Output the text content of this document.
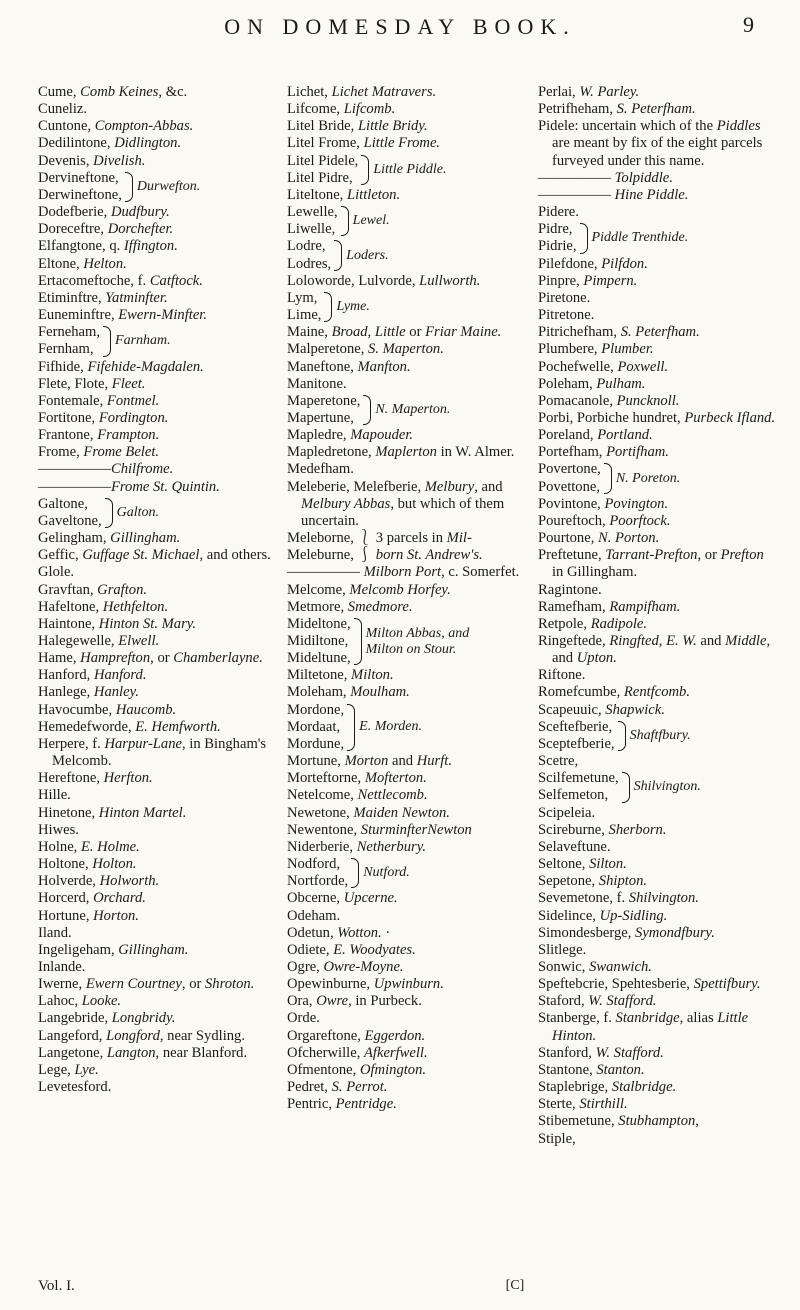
ON DOMESDAY BOOK.	9
Cume, Comb Keines, &c.
Cuneliz.
Cuntone, Compton-Abbas.
Dedilintone, Didlington.
Devenis, Divelish.
Dervineftone,
Derwineftone,
Durwefton.
Dodefberie, Dudfbury.
Doreceftre, Dorchefter.
Elfangtone, q. Iffington.
Eltone, Helton.
Ertacomeftoche, f. Catftock.
Etiminftre, Yatminfter.
Euneminftre, Ewern-Minfter.
Ferneham,
Fernham,
Farnham.
Fifhide, Fifehide-Magdalen.
Flete, Flote, Fleet.
Fontemale, Fontmel.
Fortitone, Fordington.
Frantone, Frampton.
Frome, Frome Belet.
―――――Chilfrome.
―――――Frome St. Quintin.
Galtone,
Gaveltone,
Galton.
Gelingham, Gillingham.
Geffic, Guffage St. Michael, and others.
Glole.
Gravftan, Grafton.
Hafeltone, Hethfelton.
Haintone, Hinton St. Mary.
Halegewelle, Elwell.
Hame, Hamprefton, or Chamberlayne.
Hanford, Hanford.
Hanlege, Hanley.
Havocumbe, Haucomb.
Hemedefworde, E. Hemfworth.
Herpere, f. Harpur-Lane, in Bingham's Melcomb.
Hereftone, Herfton.
Hille.
Hinetone, Hinton Martel.
Hiwes.
Holne, E. Holme.
Holtone, Holton.
Holverde, Holworth.
Horcerd, Orchard.
Hortune, Horton.
Iland.
Ingeligeham, Gillingham.
Inlande.
Iwerne, Ewern Courtney, or Shroton.
Lahoc, Looke.
Langebride, Longbridy.
Langeford, Longford, near Sydling.
Langetone, Langton, near Blanford.
Lege, Lye.
Levetesford.
Lichet, Lichet Matravers.
Lifcome, Lifcomb.
Litel Bride, Little Bridy.
Litel Frome, Little Frome.
Litel Pidele,
Litel Pidre,
Little Piddle.
Liteltone, Littleton.
Lewelle,
Liwelle,
Lewel.
Lodre,
Lodres,
Loders.
Loloworde, Lulvorde, Lullworth.
Lym,
Lime,
Lyme.
Maine, Broad, Little or Friar Maine.
Malperetone, S. Maperton.
Maneftone, Manfton.
Manitone.
Maperetone,
Mapertune,
N. Maperton.
Mapledre, Mapouder.
Mapledretone, Maplerton in W. Almer.
Medefham.
Meleberie, Melefberie, Melbury, and Melbury Abbas, but which of them uncertain.
Meleborne, ⎱ 3 parcels in Mil-
Meleburne, ⎰ born St. Andrew's.
――――― Milborn Port, c. Somerfet.
Melcome, Melcomb Horfey.
Metmore, Smedmore.
Mideltone,
Midiltone,
Mideltune,
Milton Abbas, and
Milton on Stour.
Miltetone, Milton.
Moleham, Moulham.
Mordone,
Mordaat,
Mordune,
E. Morden.
Mortune, Morton and Hurft.
Morteftorne, Mofterton.
Netelcome, Nettlecomb.
Newetone, Maiden Newton.
Newentone, SturminfterNewton
Niderberie, Netherbury.
Nodford,
Nortforde,
Nutford.
Obcerne, Upcerne.
Odeham.
Odetun, Wotton. ·
Odiete, E. Woodyates.
Ogre, Owre-Moyne.
Opewinburne, Upwinburn.
Ora, Owre, in Purbeck.
Orde.
Orgareftone, Eggerdon.
Ofcherwille, Afkerfwell.
Ofmentone, Ofmington.
Pedret, S. Perrot.
Pentric, Pentridge.
Perlai, W. Parley.
Petrifheham, S. Peterfham.
Pidele: uncertain which of the Piddles are meant by fix of the eight parcels furveyed under this name.
――――― Tolpiddle.
――――― Hine Piddle.
Pidere.
Pidre,
Pidrie,
Piddle Trenthide.
Pilefdone, Pilfdon.
Pinpre, Pimpern.
Piretone.
Pitretone.
Pitrichefham, S. Peterfham.
Plumbere, Plumber.
Pochefwelle, Poxwell.
Poleham, Pulham.
Pomacanole, Puncknoll.
Porbi, Porbiche hundret, Purbeck Ifland.
Poreland, Portland.
Portefham, Portifham.
Povertone,
Povettone,
N. Poreton.
Povintone, Povington.
Poureftoch, Poorftock.
Pourtone, N. Porton.
Preftetune, Tarrant-Prefton, or Prefton in Gillingham.
Ragintone.
Ramefham, Rampifham.
Retpole, Radipole.
Ringeftede, Ringfted, E. W. and Middle, and Upton.
Riftone.
Romefcumbe, Rentfcomb.
Scapeuuic, Shapwick.
Sceftefberie,
Sceptefberie,
Shaftfbury.
Scetre,
Scilfemetune,
Selfemeton,
Shilvington.
Scipeleia.
Scireburne, Sherborn.
Selaveftune.
Seltone, Silton.
Sepetone, Shipton.
Sevemetone, f. Shilvington.
Sidelince, Up-Sidling.
Simondesberge, Symondfbury.
Slitlege.
Sonwic, Swanwich.
Speftebcrie, Spehtesberie, Spettifbury.
Staford, W. Stafford.
Stanberge, f. Stanbridge, alias Little Hinton.
Stanford, W. Stafford.
Stantone, Stanton.
Staplebrige, Stalbridge.
Sterte, Stirthill.
Stibemetune, Stubhampton,
Stiple,
Vol. I.	[C]
